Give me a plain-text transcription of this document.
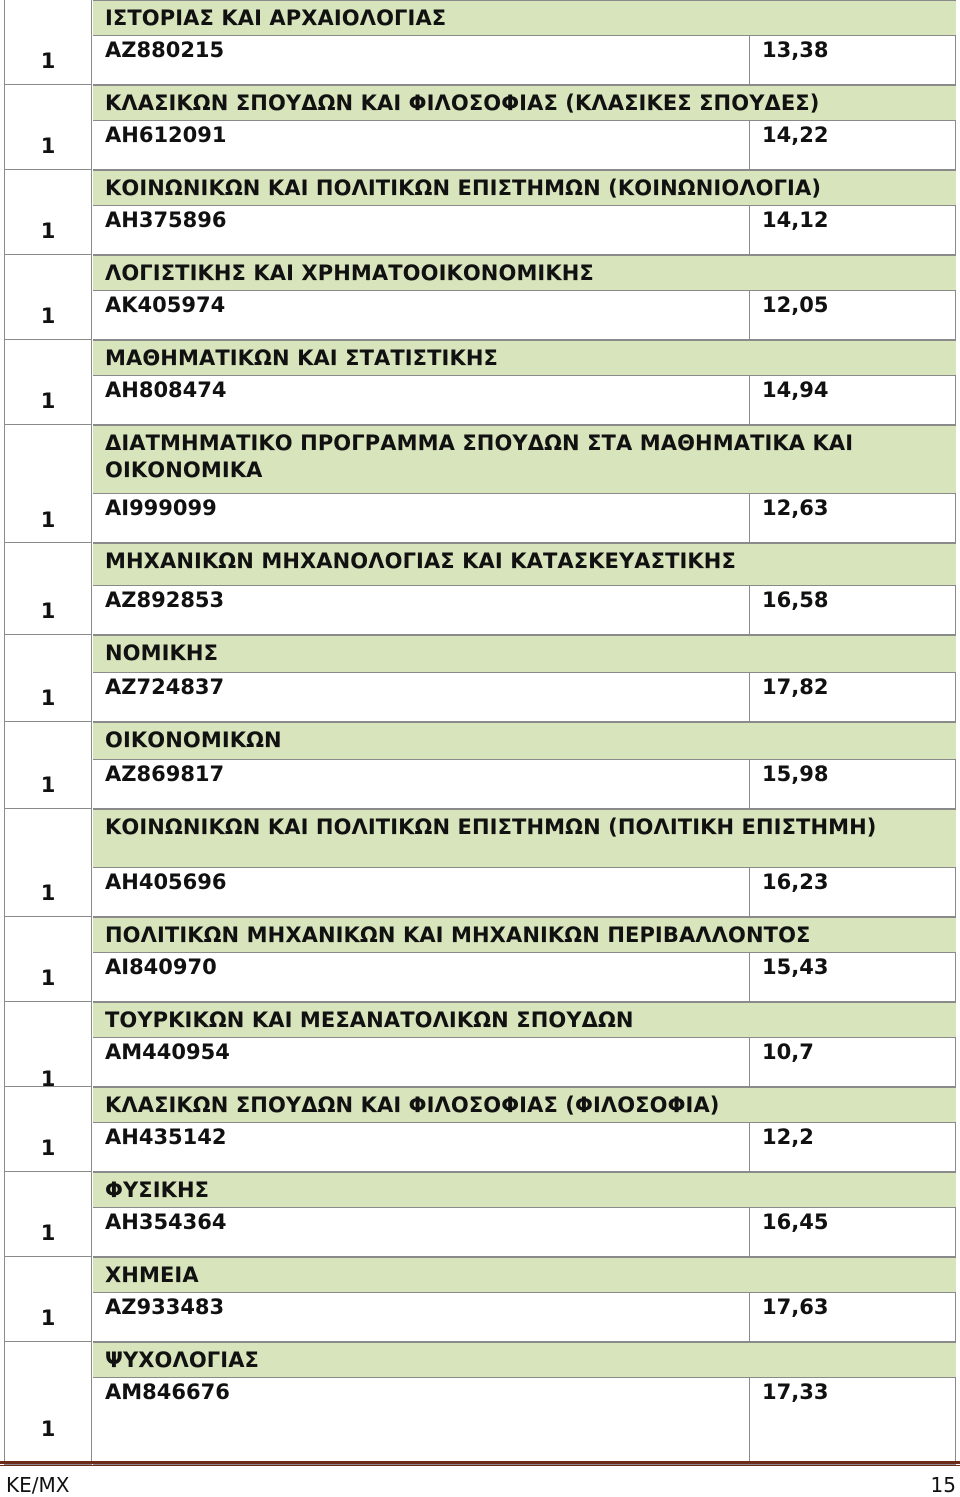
1
ΙΣΤΟΡΙΑΣ ΚΑΙ ΑΡΧΑΙΟΛΟΓΙΑΣ
ΑΖ880215	13,38
1
ΚΛΑΣΙΚΩΝ ΣΠΟΥΔΩΝ ΚΑΙ ΦΙΛΟΣΟΦΙΑΣ (ΚΛΑΣΙΚΕΣ ΣΠΟΥΔΕΣ)
ΑΗ612091	14,22
1
ΚΟΙΝΩΝΙΚΩΝ ΚΑΙ ΠΟΛΙΤΙΚΩΝ ΕΠΙΣΤΗΜΩΝ (ΚΟΙΝΩΝΙΟΛΟΓΙΑ)
ΑΗ375896	14,12
1
ΛΟΓΙΣΤΙΚΗΣ ΚΑΙ ΧΡΗΜΑΤΟΟΙΚΟΝΟΜΙΚΗΣ
ΑΚ405974	12,05
1
ΜΑΘΗΜΑΤΙΚΩΝ ΚΑΙ ΣΤΑΤΙΣΤΙΚΗΣ
ΑΗ808474	14,94
1
ΔΙΑΤΜΗΜΑΤΙΚΟ ΠΡΟΓΡΑΜΜΑ ΣΠΟΥΔΩΝ ΣΤΑ ΜΑΘΗΜΑΤΙΚΑ ΚΑΙ ΟΙΚΟΝΟΜΙΚΑ
ΑΙ999099	12,63
1
ΜΗΧΑΝΙΚΩΝ ΜΗΧΑΝΟΛΟΓΙΑΣ ΚΑΙ ΚΑΤΑΣΚΕΥΑΣΤΙΚΗΣ
ΑΖ892853	16,58
1
ΝΟΜΙΚΗΣ
ΑΖ724837	17,82
1
ΟΙΚΟΝΟΜΙΚΩΝ
ΑΖ869817	15,98
1
ΚΟΙΝΩΝΙΚΩΝ ΚΑΙ ΠΟΛΙΤΙΚΩΝ ΕΠΙΣΤΗΜΩΝ (ΠΟΛΙΤΙΚΗ ΕΠΙΣΤΗΜΗ)
ΑΗ405696	16,23
1
ΠΟΛΙΤΙΚΩΝ ΜΗΧΑΝΙΚΩΝ ΚΑΙ ΜΗΧΑΝΙΚΩΝ ΠΕΡΙΒΑΛΛΟΝΤΟΣ
ΑΙ840970	15,43
1
ΤΟΥΡΚΙΚΩΝ ΚΑΙ ΜΕΣΑΝΑΤΟΛΙΚΩΝ ΣΠΟΥΔΩΝ
ΑΜ440954	10,7
1
ΚΛΑΣΙΚΩΝ ΣΠΟΥΔΩΝ ΚΑΙ ΦΙΛΟΣΟΦΙΑΣ (ΦΙΛΟΣΟΦΙΑ)
ΑΗ435142	12,2
1
ΦΥΣΙΚΗΣ
ΑΗ354364	16,45
1
ΧΗΜΕΙΑ
ΑΖ933483	17,63
1
ΨΥΧΟΛΟΓΙΑΣ
ΑΜ846676	17,33
ΚΕ/ΜΧ	15
